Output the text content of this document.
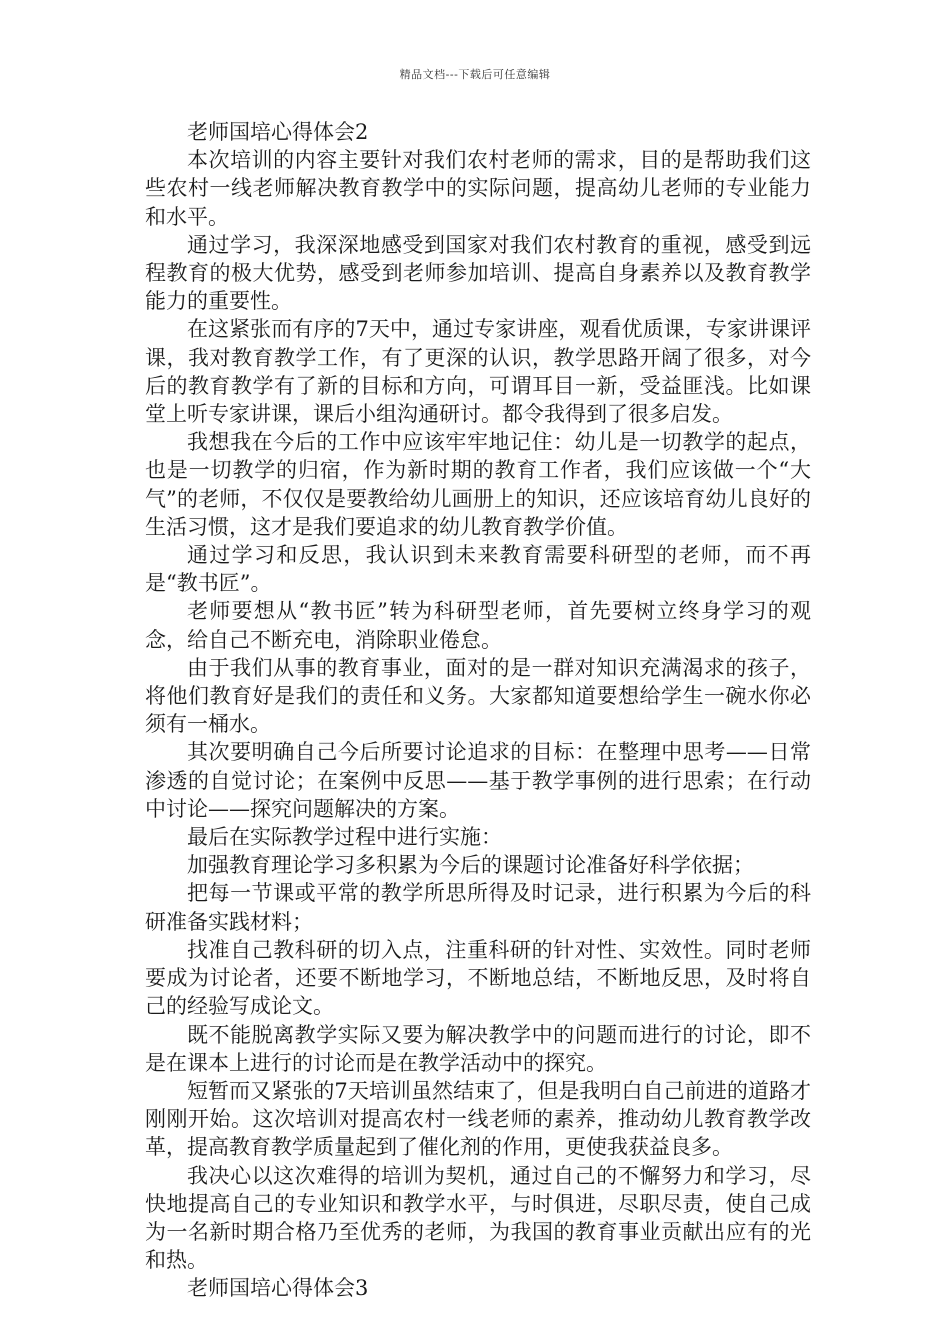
精品文档---下载后可任意编辑

老师国培心得体会2

本次培训的内容主要针对我们农村老师的需求，目的是帮助我们这些农村一线老师解决教育教学中的实际问题，提高幼儿老师的专业能力和水平。

通过学习，我深深地感受到国家对我们农村教育的重视，感受到远程教育的极大优势，感受到老师参加培训、提高自身素养以及教育教学能力的重要性。

在这紧张而有序的7天中，通过专家讲座，观看优质课，专家讲课评课，我对教育教学工作，有了更深的认识，教学思路开阔了很多，对今后的教育教学有了新的目标和方向，可谓耳目一新，受益匪浅。比如课堂上听专家讲课，课后小组沟通研讨。都令我得到了很多启发。

我想我在今后的工作中应该牢牢地记住：幼儿是一切教学的起点，也是一切教学的归宿，作为新时期的教育工作者，我们应该做一个“大气”的老师，不仅仅是要教给幼儿画册上的知识，还应该培育幼儿良好的生活习惯，这才是我们要追求的幼儿教育教学价值。

通过学习和反思，我认识到未来教育需要科研型的老师，而不再是“教书匠”。

老师要想从“教书匠”转为科研型老师，首先要树立终身学习的观念，给自己不断充电，消除职业倦怠。

由于我们从事的教育事业，面对的是一群对知识充满渴求的孩子，将他们教育好是我们的责任和义务。大家都知道要想给学生一碗水你必须有一桶水。

其次要明确自己今后所要讨论追求的目标：在整理中思考——日常渗透的自觉讨论；在案例中反思——基于教学事例的进行思索；在行动中讨论——探究问题解决的方案。

最后在实际教学过程中进行实施：

加强教育理论学习多积累为今后的课题讨论准备好科学依据；

把每一节课或平常的教学所思所得及时记录，进行积累为今后的科研准备实践材料；

找准自己教科研的切入点，注重科研的针对性、实效性。同时老师要成为讨论者，还要不断地学习，不断地总结，不断地反思，及时将自己的经验写成论文。

既不能脱离教学实际又要为解决教学中的问题而进行的讨论，即不是在课本上进行的讨论而是在教学活动中的探究。

短暂而又紧张的7天培训虽然结束了，但是我明白自己前进的道路才刚刚开始。这次培训对提高农村一线老师的素养，推动幼儿教育教学改革，提高教育教学质量起到了催化剂的作用，更使我获益良多。

我决心以这次难得的培训为契机，通过自己的不懈努力和学习，尽快地提高自己的专业知识和教学水平，与时俱进，尽职尽责，使自己成为一名新时期合格乃至优秀的老师，为我国的教育事业贡献出应有的光和热。

老师国培心得体会3
